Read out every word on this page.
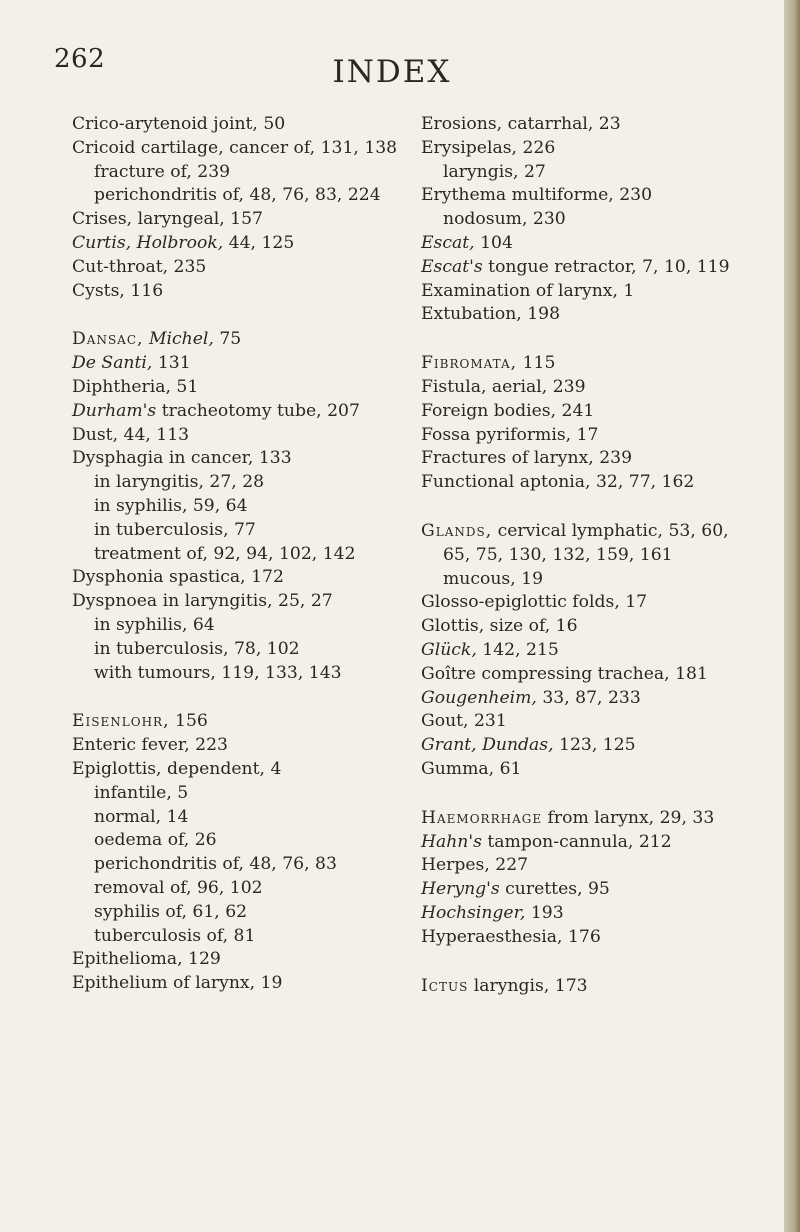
262	INDEX
Crico-arytenoid joint, 50
Cricoid cartilage, cancer of, 131, 138
fracture of, 239
perichondritis of, 48, 76, 83, 224
Crises, laryngeal, 157
Curtis, Holbrook, 44, 125
Cut-throat, 235
Cysts, 116
Dansac, Michel, 75
De Santi, 131
Diphtheria, 51
Durham's tracheotomy tube, 207
Dust, 44, 113
Dysphagia in cancer, 133
in laryngitis, 27, 28
in syphilis, 59, 64
in tuberculosis, 77
treatment of, 92, 94, 102, 142
Dysphonia spastica, 172
Dyspnoea in laryngitis, 25, 27
in syphilis, 64
in tuberculosis, 78, 102
with tumours, 119, 133, 143
Eisenlohr, 156
Enteric fever, 223
Epiglottis, dependent, 4
infantile, 5
normal, 14
oedema of, 26
perichondritis of, 48, 76, 83
removal of, 96, 102
syphilis of, 61, 62
tuberculosis of, 81
Epithelioma, 129
Epithelium of larynx, 19
Erosions, catarrhal, 23
Erysipelas, 226
laryngis, 27
Erythema multiforme, 230
nodosum, 230
Escat, 104
Escat's tongue retractor, 7, 10, 119
Examination of larynx, 1
Extubation, 198
Fibromata, 115
Fistula, aerial, 239
Foreign bodies, 241
Fossa pyriformis, 17
Fractures of larynx, 239
Functional aptonia, 32, 77, 162
Glands, cervical lymphatic, 53, 60, 65, 75, 130, 132, 159, 161
mucous, 19
Glosso-epiglottic folds, 17
Glottis, size of, 16
Glück, 142, 215
Goître compressing trachea, 181
Gougenheim, 33, 87, 233
Gout, 231
Grant, Dundas, 123, 125
Gumma, 61
Haemorrhage from larynx, 29, 33
Hahn's tampon-cannula, 212
Herpes, 227
Heryng's curettes, 95
Hochsinger, 193
Hyperaesthesia, 176
Ictus laryngis, 173
